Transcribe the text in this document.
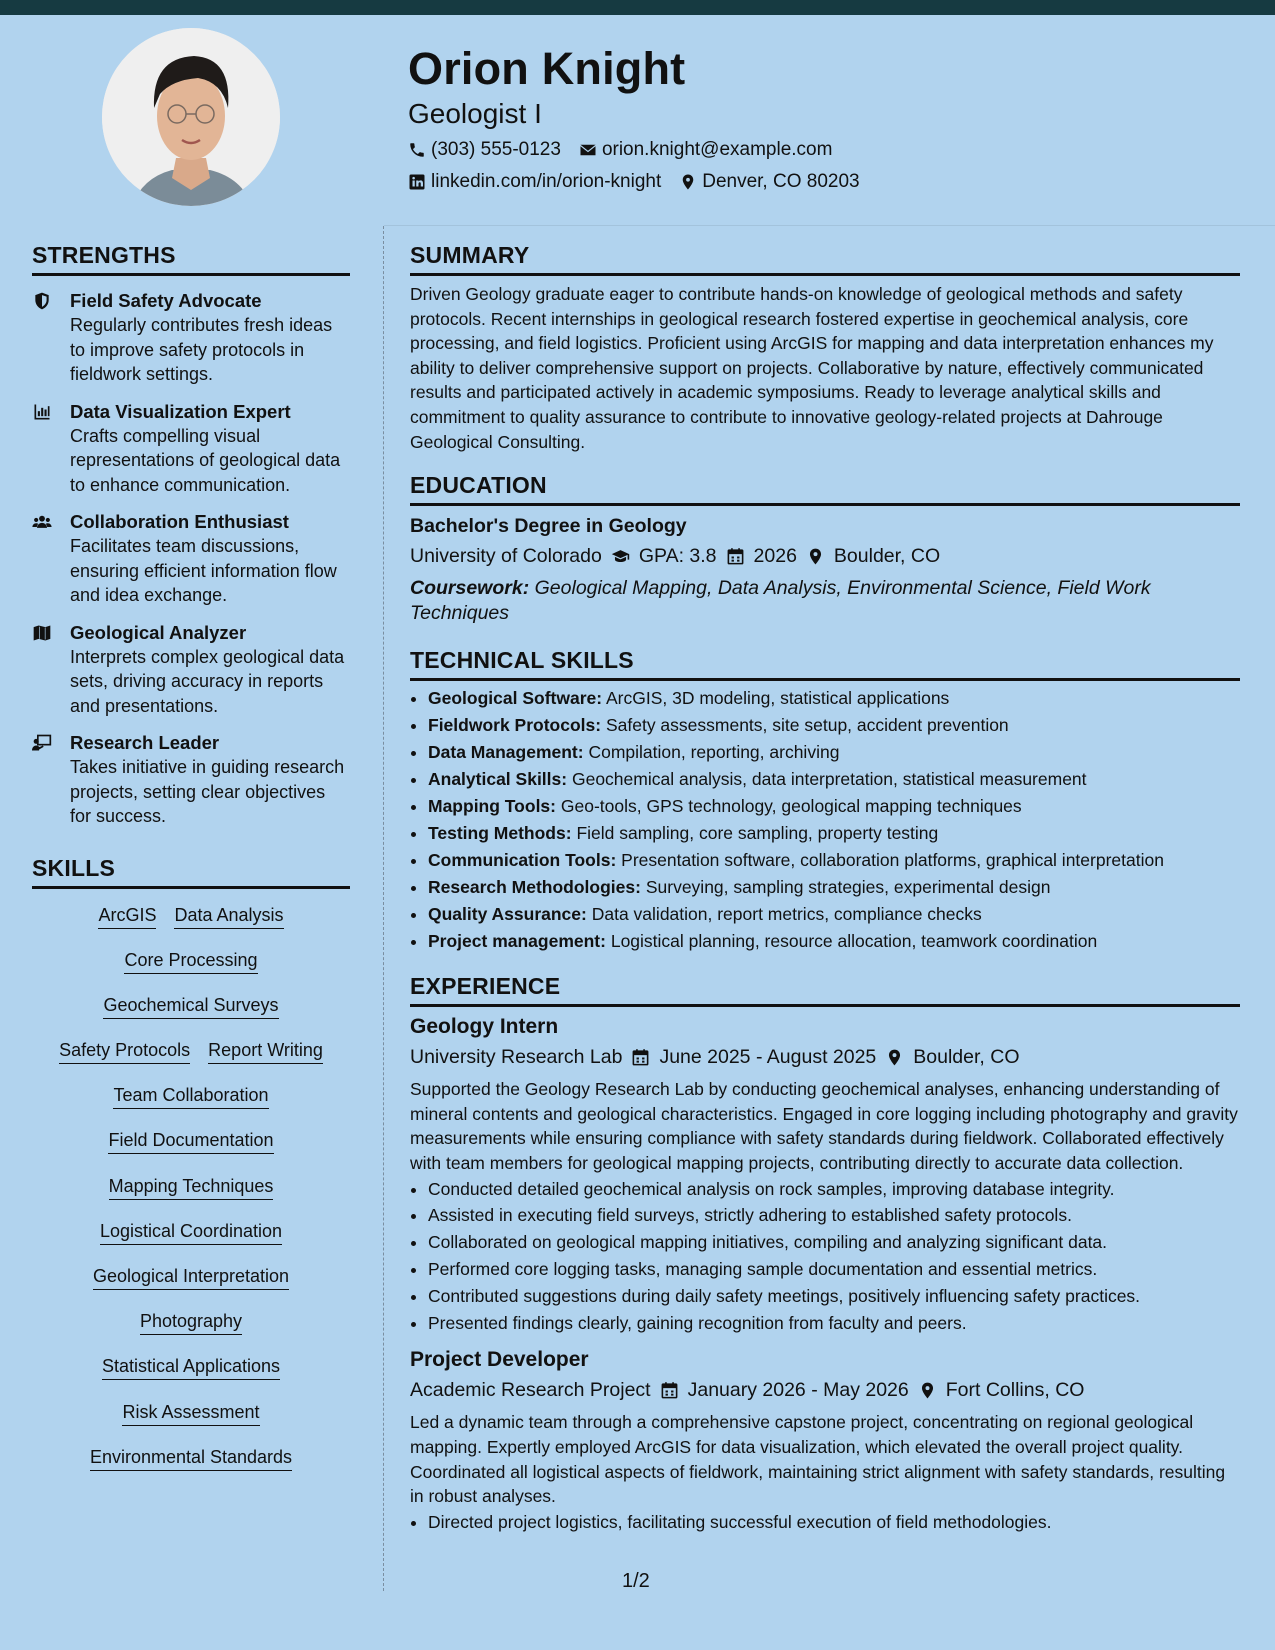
Orion Knight
Geologist I
(303) 555-0123 orion.knight@example.com
linkedin.com/in/orion-knight Denver, CO 80203
STRENGTHS
Field Safety Advocate
Regularly contributes fresh ideas to improve safety protocols in fieldwork settings.
Data Visualization Expert
Crafts compelling visual representations of geological data to enhance communication.
Collaboration Enthusiast
Facilitates team discussions, ensuring efficient information flow and idea exchange.
Geological Analyzer
Interprets complex geological data sets, driving accuracy in reports and presentations.
Research Leader
Takes initiative in guiding research projects, setting clear objectives for success.
SKILLS
ArcGIS Data Analysis
Core Processing
Geochemical Surveys
Safety Protocols Report Writing
Team Collaboration
Field Documentation
Mapping Techniques
Logistical Coordination
Geological Interpretation
Photography
Statistical Applications
Risk Assessment
Environmental Standards
SUMMARY
Driven Geology graduate eager to contribute hands-on knowledge of geological methods and safety protocols. Recent internships in geological research fostered expertise in geochemical analysis, core processing, and field logistics. Proficient using ArcGIS for mapping and data interpretation enhances my ability to deliver comprehensive support on projects. Collaborative by nature, effectively communicated results and participated actively in academic symposiums. Ready to leverage analytical skills and commitment to quality assurance to contribute to innovative geology-related projects at Dahrouge Geological Consulting.
EDUCATION
Bachelor's Degree in Geology
University of Colorado GPA: 3.8 2026 Boulder, CO
Coursework: Geological Mapping, Data Analysis, Environmental Science, Field Work Techniques
TECHNICAL SKILLS
• Geological Software: ArcGIS, 3D modeling, statistical applications
• Fieldwork Protocols: Safety assessments, site setup, accident prevention
• Data Management: Compilation, reporting, archiving
• Analytical Skills: Geochemical analysis, data interpretation, statistical measurement
• Mapping Tools: Geo-tools, GPS technology, geological mapping techniques
• Testing Methods: Field sampling, core sampling, property testing
• Communication Tools: Presentation software, collaboration platforms, graphical interpretation
• Research Methodologies: Surveying, sampling strategies, experimental design
• Quality Assurance: Data validation, report metrics, compliance checks
• Project management: Logistical planning, resource allocation, teamwork coordination
EXPERIENCE
Geology Intern
University Research Lab June 2025 - August 2025 Boulder, CO
Supported the Geology Research Lab by conducting geochemical analyses, enhancing understanding of mineral contents and geological characteristics. Engaged in core logging including photography and gravity measurements while ensuring compliance with safety standards during fieldwork. Collaborated effectively with team members for geological mapping projects, contributing directly to accurate data collection.
• Conducted detailed geochemical analysis on rock samples, improving database integrity.
• Assisted in executing field surveys, strictly adhering to established safety protocols.
• Collaborated on geological mapping initiatives, compiling and analyzing significant data.
• Performed core logging tasks, managing sample documentation and essential metrics.
• Contributed suggestions during daily safety meetings, positively influencing safety practices.
• Presented findings clearly, gaining recognition from faculty and peers.
Project Developer
Academic Research Project January 2026 - May 2026 Fort Collins, CO
Led a dynamic team through a comprehensive capstone project, concentrating on regional geological mapping. Expertly employed ArcGIS for data visualization, which elevated the overall project quality. Coordinated all logistical aspects of fieldwork, maintaining strict alignment with safety standards, resulting in robust analyses.
• Directed project logistics, facilitating successful execution of field methodologies.
1/2
